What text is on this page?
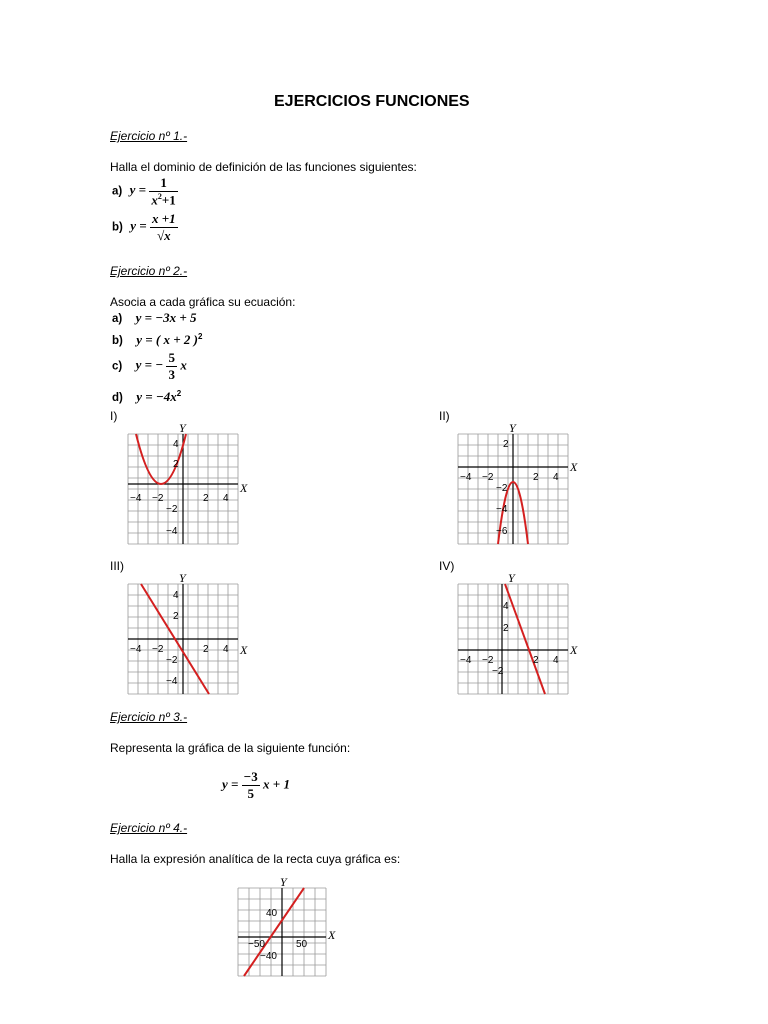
EJERCICIOS FUNCIONES
Ejercicio nº 1.-
Halla el dominio de definición de las funciones siguientes:
a) $y = \frac{1}{x^2+1}$
b) $y = \frac{x +1}{√x}$
Ejercicio nº 2.-
Asocia a cada gráfica su ecuación:
a) y = −3x + 5
b) y = ( x + 2 )$^2$
c) y = − $\frac{5}{3}$ x
d) $y = -4x^2$
I)	II)
III)	IV)
Y
X
−4 −2	2 4
2
−2
−4
4
Y
X
−4 −2	2 4
2
−2
−4
−6
Y
X
−4 −2	2 4
4
2
−2
−4
Y
X
−4 −2	2 4
4
2
−2
Ejercicio nº 3.-
Representa la gráfica de la siguiente función:
$y = \frac{-3}{5}$ x + 1
Ejercicio nº 4.-
Halla la expresión analítica de la recta cuya gráfica es:
Y
X
−50	50
40
−40
